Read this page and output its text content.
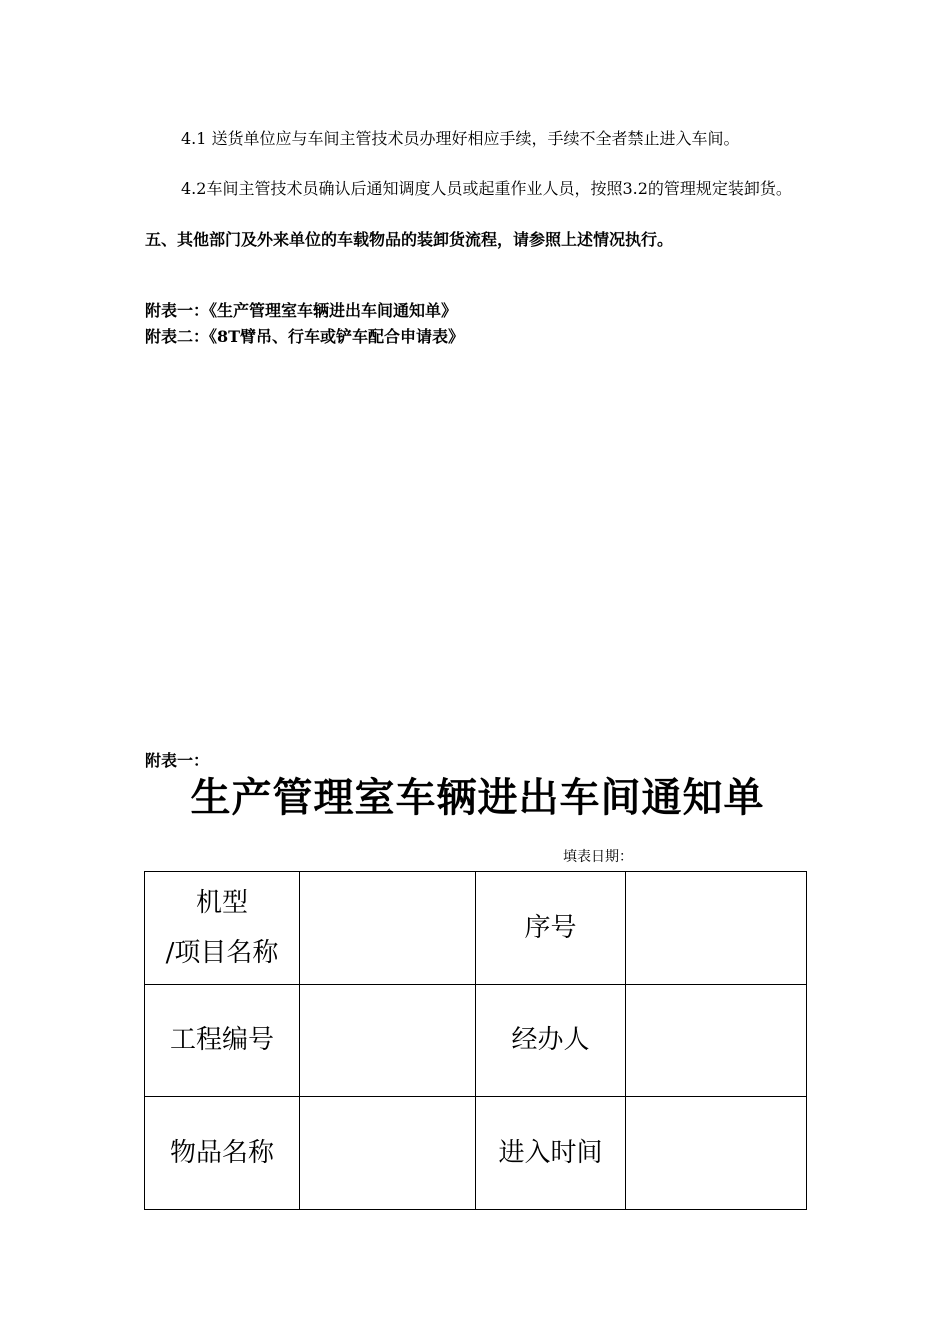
4.1 送货单位应与车间主管技术员办理好相应手续，手续不全者禁止进入车间。
4.2车间主管技术员确认后通知调度人员或起重作业人员，按照3.2的管理规定装卸货。
五、其他部门及外来单位的车载物品的装卸货流程，请参照上述情况执行。
附表一：《生产管理室车辆进出车间通知单》
附表二：《8T臂吊、行车或铲车配合申请表》
附表一：
生产管理室车辆进出车间通知单
填表日期：
机型
/项目名称		序号	
工程编号		经办人	
物品名称		进入时间	
